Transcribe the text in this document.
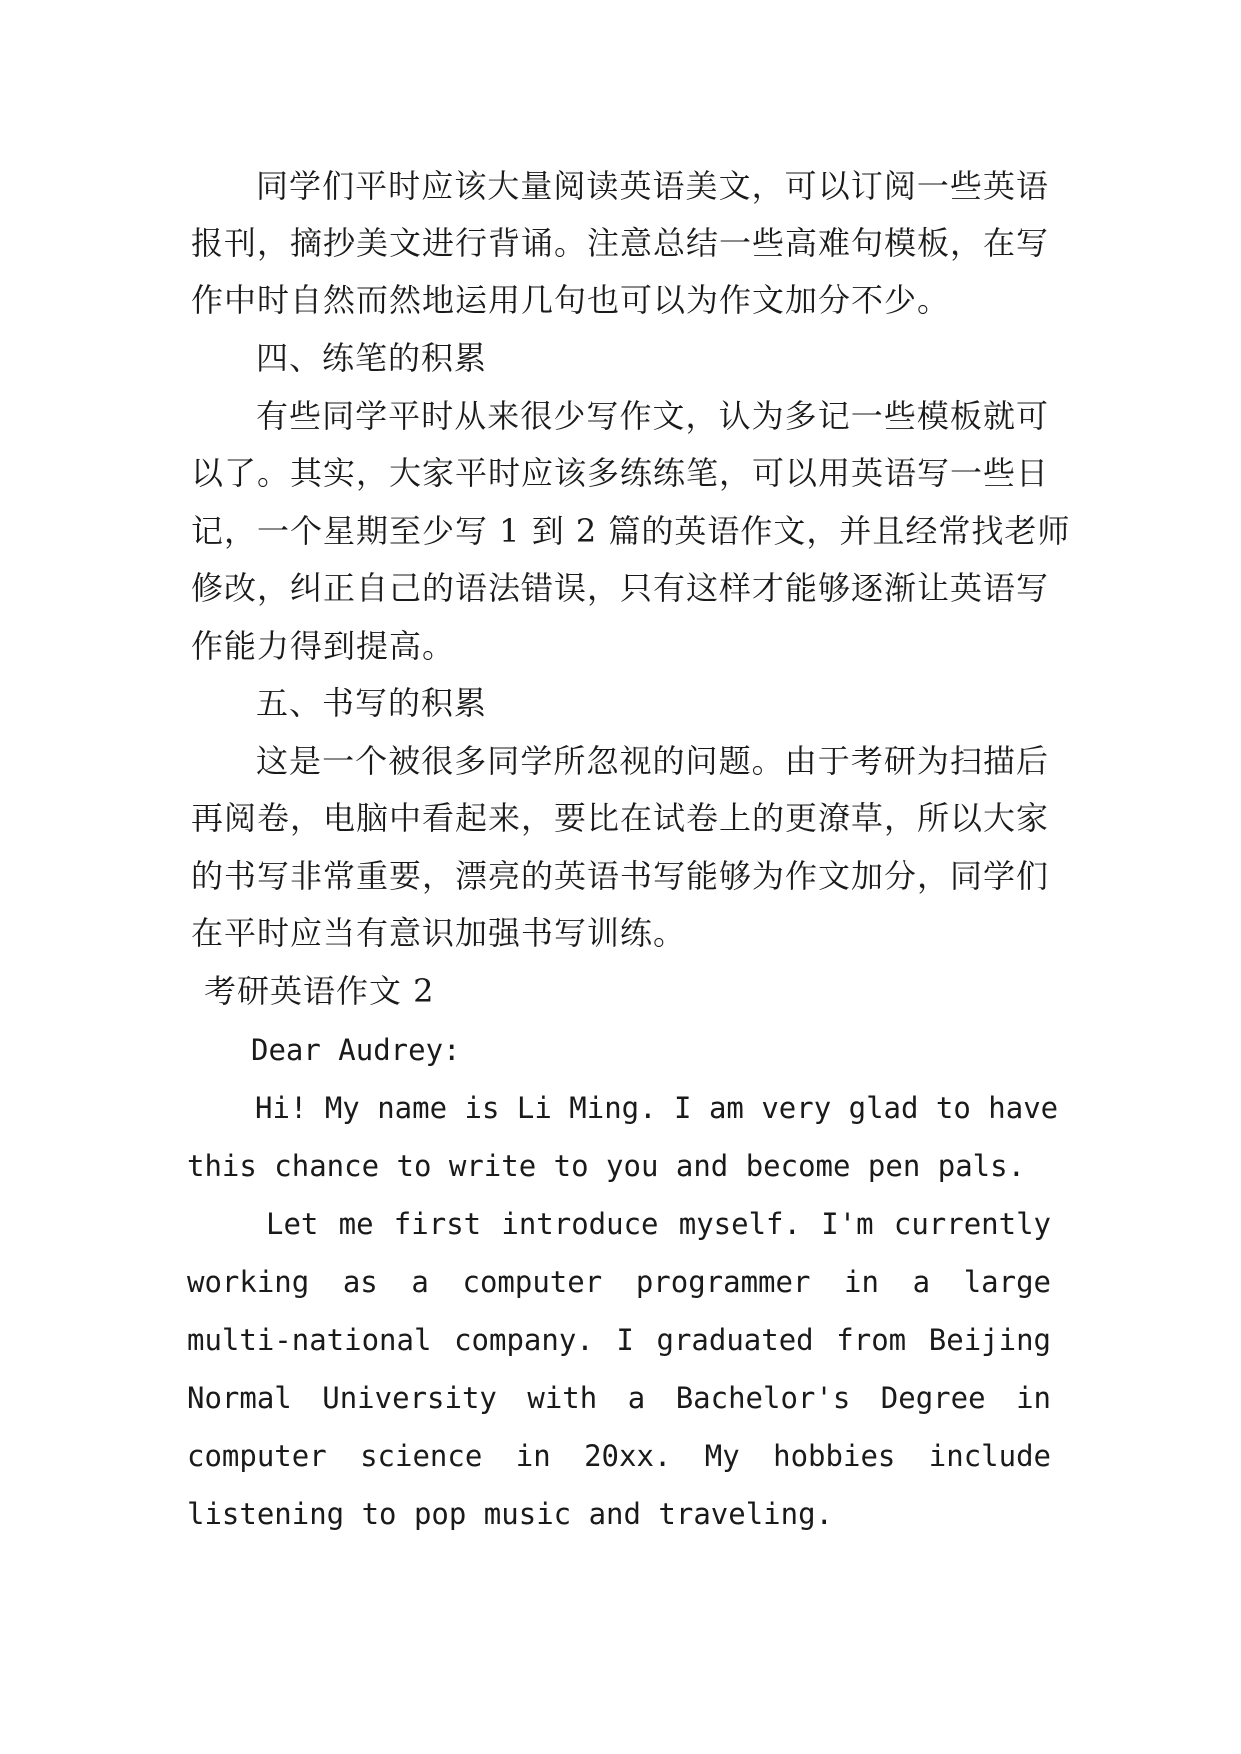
同学们平时应该大量阅读英语美文，可以订阅一些英语
报刊，摘抄美文进行背诵。注意总结一些高难句模板，在写
作中时自然而然地运用几句也可以为作文加分不少。
四、练笔的积累
有些同学平时从来很少写作文，认为多记一些模板就可
以了。其实，大家平时应该多练练笔，可以用英语写一些日
记，一个星期至少写 1 到 2 篇的英语作文，并且经常找老师
修改，纠正自己的语法错误，只有这样才能够逐渐让英语写
作能力得到提高。
五、书写的积累
这是一个被很多同学所忽视的问题。由于考研为扫描后
再阅卷，电脑中看起来，要比在试卷上的更潦草，所以大家
的书写非常重要，漂亮的英语书写能够为作文加分，同学们
在平时应当有意识加强书写训练。
考研英语作文 2
Dear Audrey:
Hi! My name is Li Ming. I am very glad to have
this chance to write to you and become pen pals.
Let me first introduce myself. I'm currently
working as a computer programmer in a large
multi-national company. I graduated from Beijing
Normal University with a Bachelor's Degree in
computer science in 20xx. My hobbies include
listening to pop music and traveling.
